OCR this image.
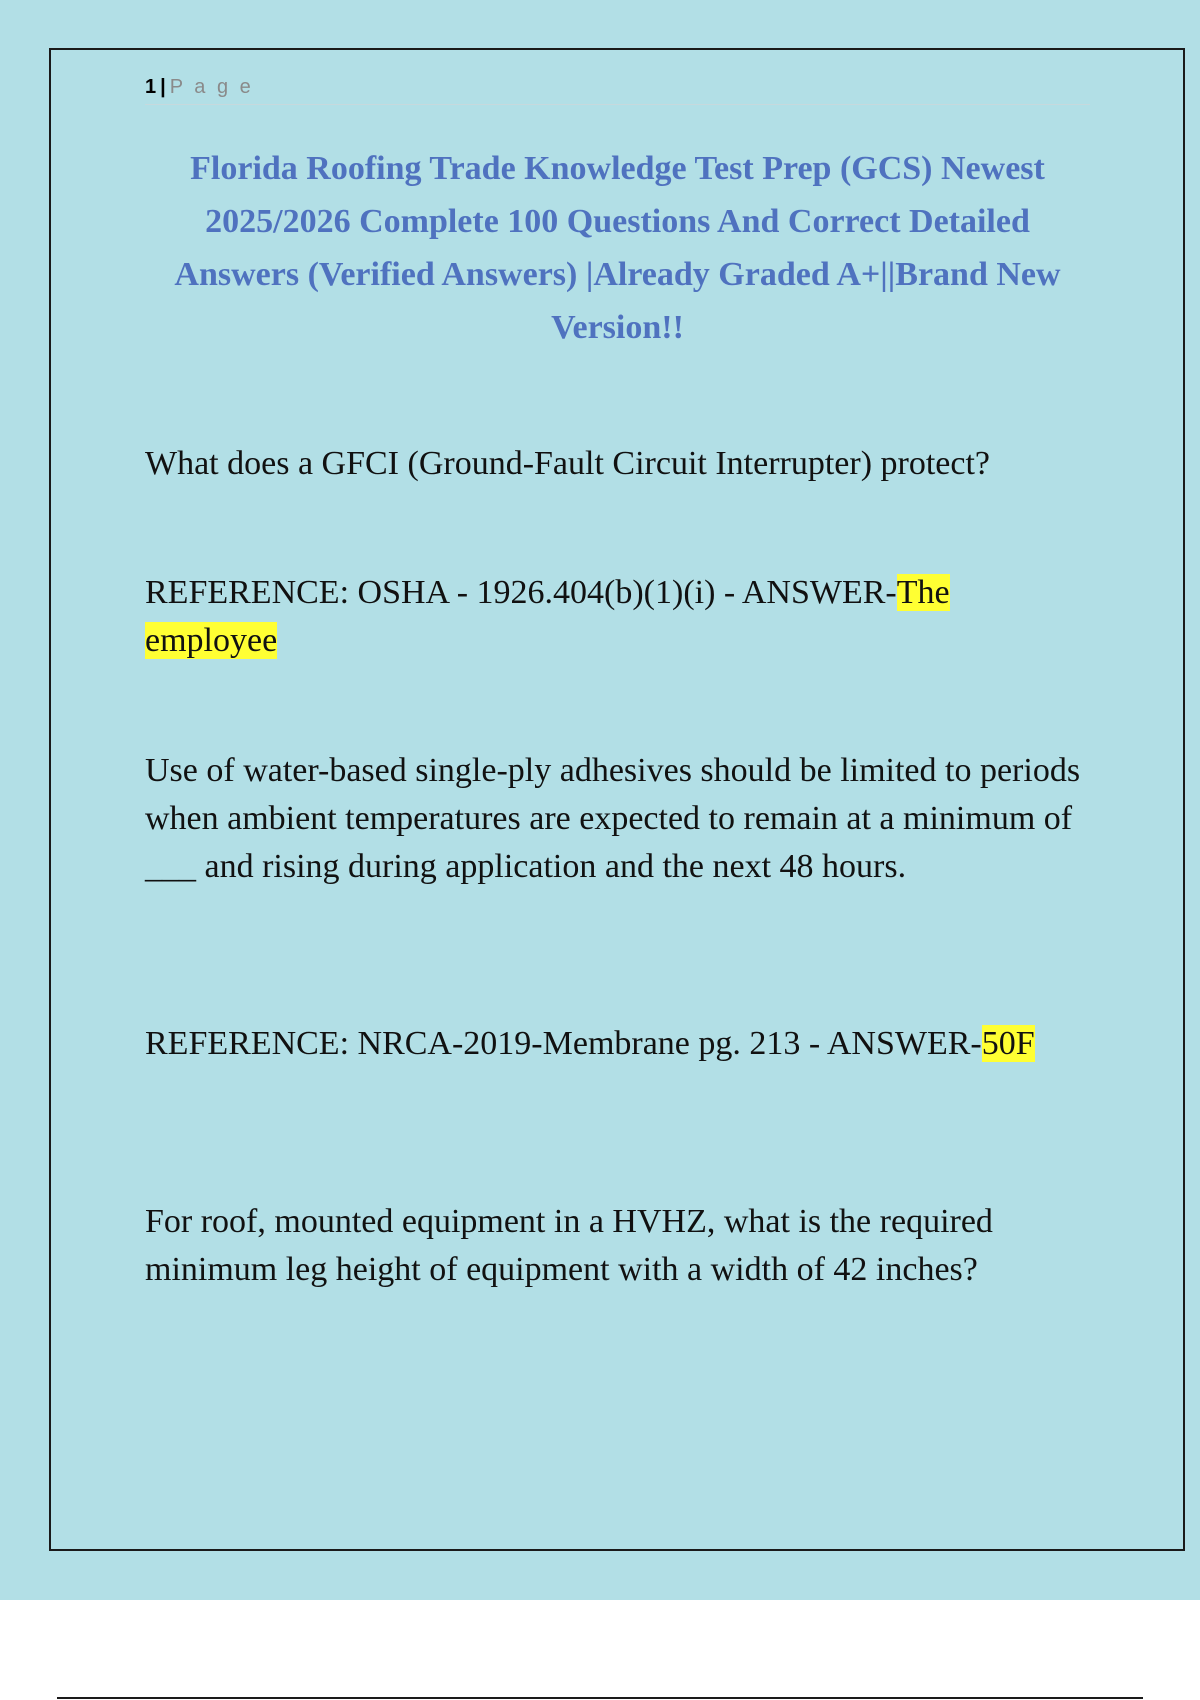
1 | P a g e
Florida Roofing Trade Knowledge Test Prep (GCS) Newest 2025/2026 Complete 100 Questions And Correct Detailed Answers (Verified Answers) |Already Graded A+||Brand New Version!!

What does a GFCI (Ground-Fault Circuit Interrupter) protect?

REFERENCE: OSHA - 1926.404(b)(1)(i) - ANSWER-The employee

Use of water-based single-ply adhesives should be limited to periods when ambient temperatures are expected to remain at a minimum of ___ and rising during application and the next 48 hours.

REFERENCE: NRCA-2019-Membrane pg. 213 - ANSWER-50F

For roof, mounted equipment in a HVHZ, what is the required minimum leg height of equipment with a width of 42 inches?
